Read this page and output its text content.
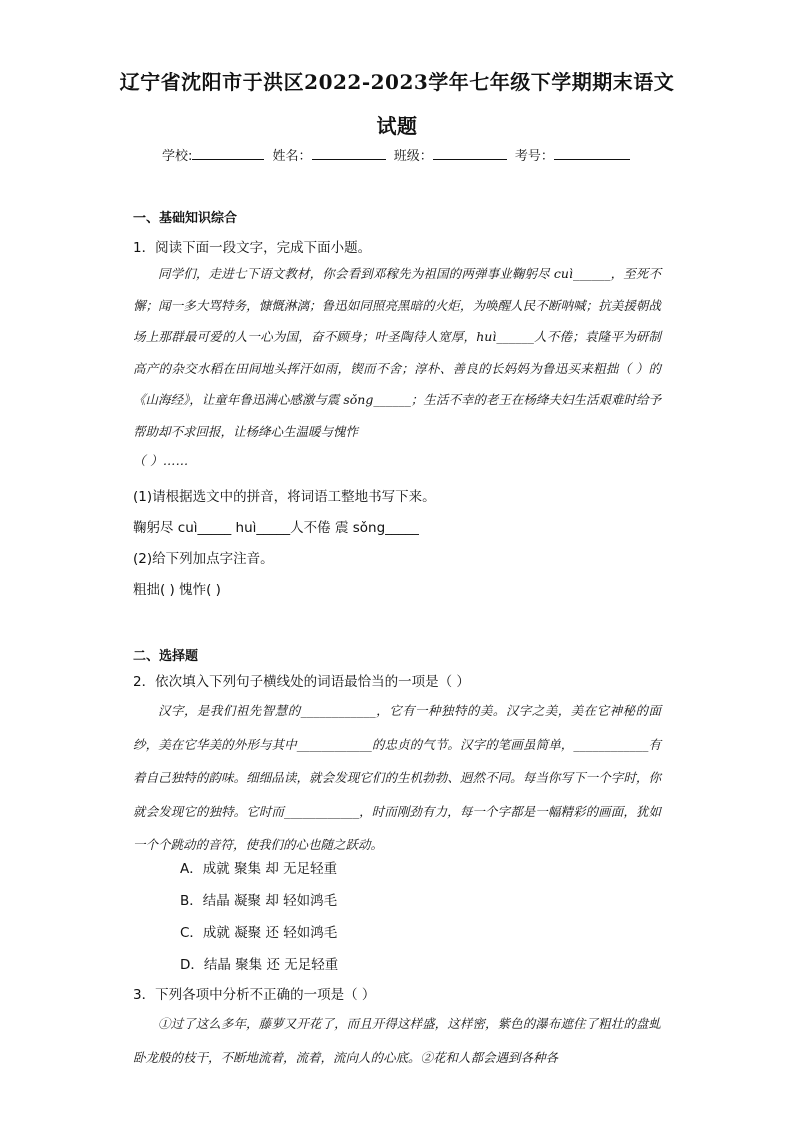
辽宁省沈阳市于洪区2022-2023学年七年级下学期期末语文
试题
学校:	姓名：	班级：	考号：
一、基础知识综合
1．阅读下面一段文字，完成下面小题。
同学们，走进七下语文教材，你会看到邓稼先为祖国的两弹事业鞠躬尽 cuì______，至死不懈；闻一多大骂特务，慷慨淋漓；鲁迅如同照亮黑暗的火炬，为唤醒人民不断呐喊；抗美援朝战场上那群最可爱的人一心为国，奋不顾身；叶圣陶待人宽厚，huì______人不倦；袁隆平为研制高产的杂交水稻在田间地头挥汗如雨，锲而不舍；淳朴、善良的长妈妈为鲁迅买来粗拙（ ）的《山海经》，让童年鲁迅满心感激与震 sǒng______；生活不幸的老王在杨绛夫妇生活艰难时给予帮助却不求回报，让杨绛心生温暖与愧怍
（ ）……
(1)请根据选文中的拼音，将词语工整地书写下来。
鞠躬尽 cuì_____ huì_____人不倦 震 sǒng_____
(2)给下列加点字注音。
粗拙( ) 愧怍( )
二、选择题
2．依次填入下列句子横线处的词语最恰当的一项是（ ）
汉字，是我们祖先智慧的____________，它有一种独特的美。汉字之美，美在它神秘的面纱，美在它华美的外形与其中____________的忠贞的气节。汉字的笔画虽简单，____________有着自己独特的韵味。细细品读，就会发现它们的生机勃勃、迥然不同。每当你写下一个字时，你就会发现它的独特。它时而____________，时而刚劲有力，每一个字都是一幅精彩的画面，犹如一个个跳动的音符，使我们的心也随之跃动。
A．成就 聚集 却 无足轻重
B．结晶 凝聚 却 轻如鸿毛
C．成就 凝聚 还 轻如鸿毛
D．结晶 聚集 还 无足轻重
3．下列各项中分析不正确的一项是（ ）
①过了这么多年，藤萝又开花了，而且开得这样盛，这样密，紫色的瀑布遮住了粗壮的盘虬卧龙般的枝干，不断地流着，流着，流向人的心底。②花和人都会遇到各种各
